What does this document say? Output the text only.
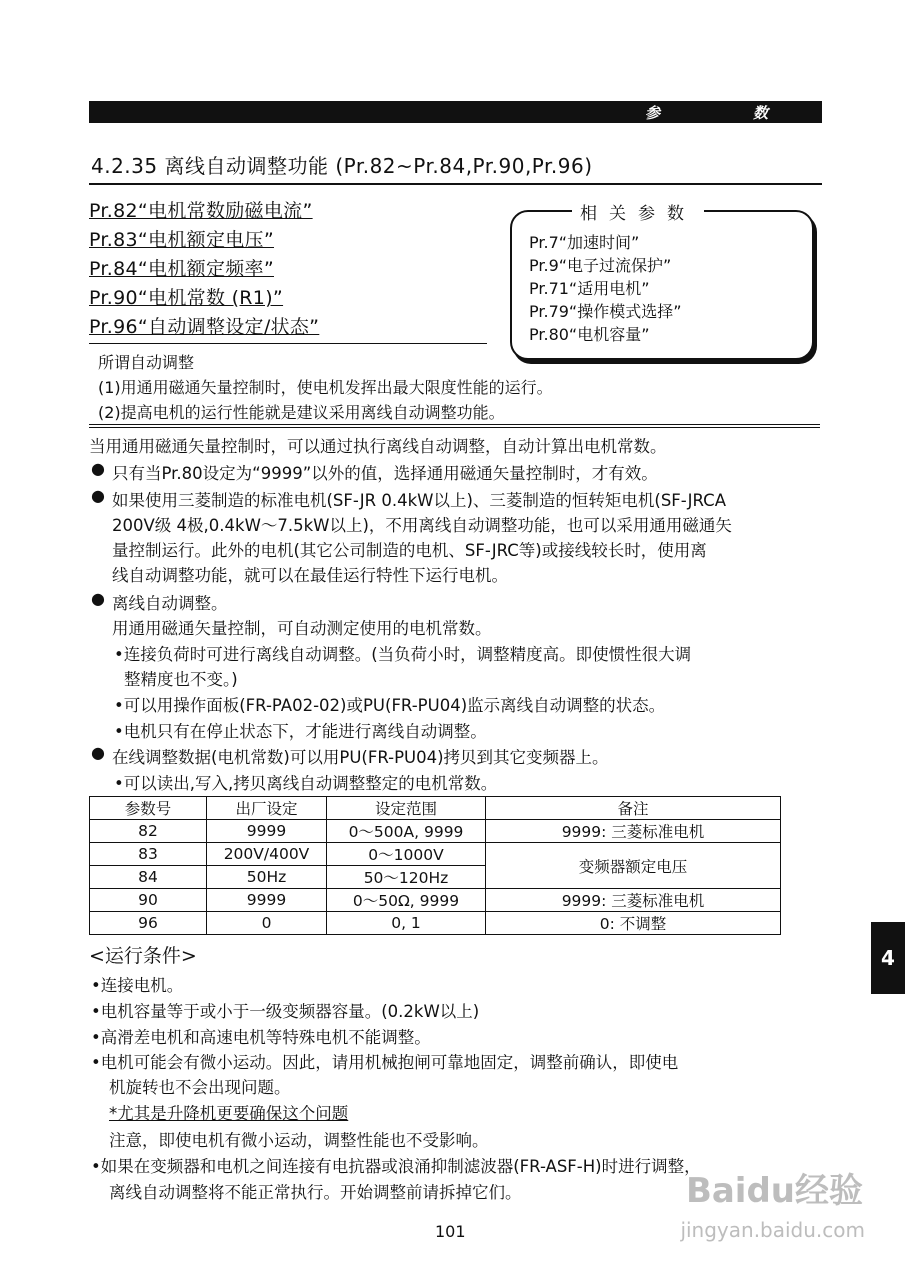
参	数
4.2.35 离线自动调整功能 (Pr.82~Pr.84,Pr.90,Pr.96)
Pr.82“电机常数励磁电流”
Pr.83“电机额定电压”
Pr.84“电机额定频率”
Pr.90“电机常数 (R1)”
Pr.96“自动调整设定/状态”
相关参数
Pr.7“加速时间”
Pr.9“电子过流保护”
Pr.71“适用电机”
Pr.79“操作模式选择”
Pr.80“电机容量”
所谓自动调整
(1)用通用磁通矢量控制时，使电机发挥出最大限度性能的运行。
(2)提高电机的运行性能就是建议采用离线自动调整功能。
当用通用磁通矢量控制时，可以通过执行离线自动调整，自动计算出电机常数。
● 只有当Pr.80设定为“9999”以外的值，选择通用磁通矢量控制时，才有效。
● 如果使用三菱制造的标准电机(SF-JR 0.4kW以上)、三菱制造的恒转矩电机(SF-JRCA
200V级 4极,0.4kW～7.5kW以上)，不用离线自动调整功能，也可以采用通用磁通矢
量控制运行。此外的电机(其它公司制造的电机、SF-JRC等)或接线较长时，使用离
线自动调整功能，就可以在最佳运行特性下运行电机。
● 离线自动调整。
用通用磁通矢量控制，可自动测定使用的电机常数。
•连接负荷时可进行离线自动调整。(当负荷小时，调整精度高。即使惯性很大调
整精度也不变。)
•可以用操作面板(FR-PA02-02)或PU(FR-PU04)监示离线自动调整的状态。
•电机只有在停止状态下，才能进行离线自动调整。
● 在线调整数据(电机常数)可以用PU(FR-PU04)拷贝到其它变频器上。
•可以读出,写入,拷贝离线自动调整整定的电机常数。
参数号	出厂设定	设定范围	备注
82	9999	0～500A, 9999	9999: 三菱标准电机
83	200V/400V	0～1000V	变频器额定电压
84	50Hz	50～120Hz	
90	9999	0～50Ω, 9999	9999: 三菱标准电机
96	0	0, 1	0: 不调整
<运行条件>
•连接电机。
•电机容量等于或小于一级变频器容量。(0.2kW以上)
•高滑差电机和高速电机等特殊电机不能调整。
•电机可能会有微小运动。因此，请用机械抱闸可靠地固定，调整前确认，即使电
机旋转也不会出现问题。
*尤其是升降机更要确保这个问题
注意，即使电机有微小运动，调整性能也不受影响。
•如果在变频器和电机之间连接有电抗器或浪涌抑制滤波器(FR-ASF-H)时进行调整，
离线自动调整将不能正常执行。开始调整前请拆掉它们。
4
Baidu经验
jingyan.baidu.com
101
